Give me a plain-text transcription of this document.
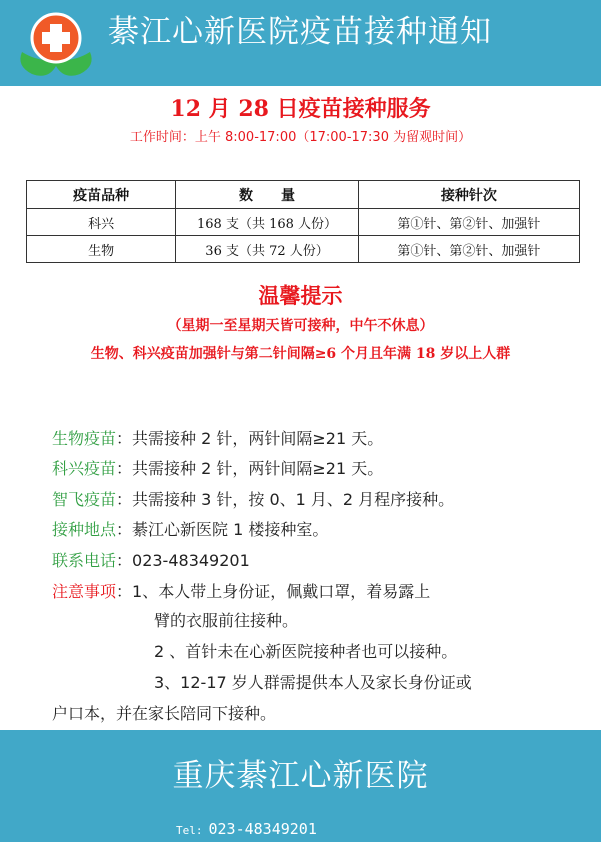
綦江心新医院疫苗接种通知
12 月 28 日疫苗接种服务
工作时间：上午 8:00-17:00（17:00-17:30 为留观时间）
疫苗品种	数　　量	接种针次
科兴	168 支（共 168 人份）	第①针、第②针、加强针
生物	36 支（共 72 人份）	第①针、第②针、加强针
温馨提示
（星期一至星期天皆可接种，中午不休息）
生物、科兴疫苗加强针与第二针间隔≥6 个月且年满 18 岁以上人群
生物疫苗：共需接种 2 针，两针间隔≥21 天。
科兴疫苗：共需接种 2 针，两针间隔≥21 天。
智飞疫苗：共需接种 3 针，按 0、1 月、2 月程序接种。
接种地点：綦江心新医院 1 楼接种室。
联系电话：023-48349201
注意事项：1、本人带上身份证，佩戴口罩，着易露上
臂的衣服前往接种。
2 、首针未在心新医院接种者也可以接种。
3、12-17 岁人群需提供本人及家长身份证或
户口本，并在家长陪同下接种。
重庆綦江心新医院
Tel: 023-48349201
